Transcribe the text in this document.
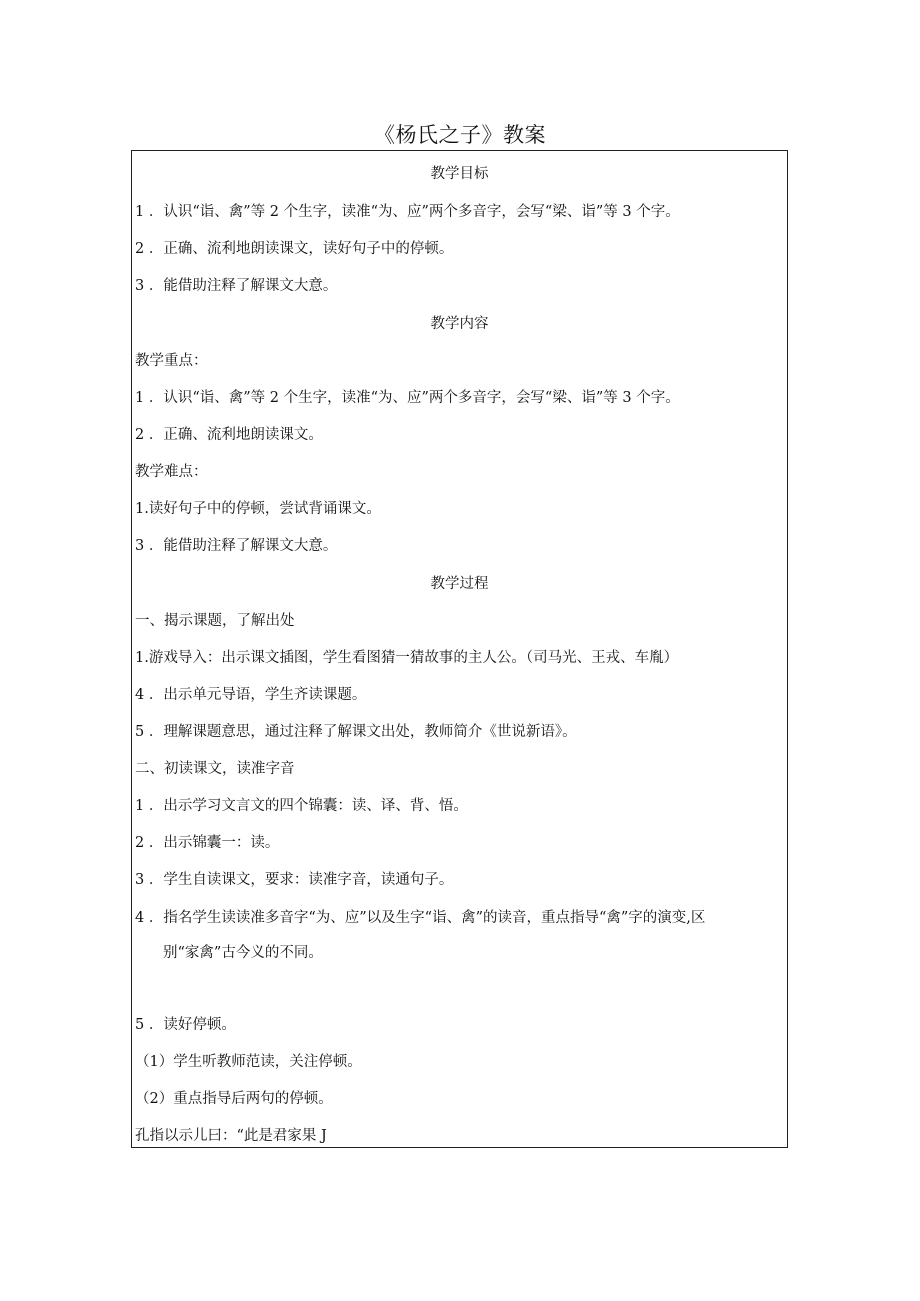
《杨氏之子》教案
教学目标
1 ．认识“诣、禽”等 2 个生字，读准“为、应”两个多音字，会写“梁、诣”等 3 个字。
2 ．正确、流利地朗读课文，读好句子中的停顿。
3 ．能借助注释了解课文大意。
教学内容
教学重点：
1 ．认识“诣、禽”等 2 个生字，读准“为、应”两个多音字，会写“梁、诣”等 3 个字。
2 ．正确、流利地朗读课文。
教学难点：
1.读好句子中的停顿，尝试背诵课文。
3 ．能借助注释了解课文大意。
教学过程
一、揭示课题，了解出处
1.游戏导入：出示课文插图，学生看图猜一猜故事的主人公。（司马光、王戎、车胤）
4 ．出示单元导语，学生齐读课题。
5 ．理解课题意思，通过注释了解课文出处，教师简介《世说新语》。
二、初读课文，读准字音
1 ．出示学习文言文的四个锦囊：读、译、背、悟。
2 ．出示锦囊一：读。
3 ．学生自读课文，要求：读准字音，读通句子。
4 ．指名学生读读准多音字“为、应”以及生字“诣、禽”的读音，重点指导“禽”字的演变,区
别“家禽”古今义的不同。
5 ．读好停顿。
（1）学生听教师范读，关注停顿。
（2）重点指导后两句的停顿。
孔指以示儿曰：“此是君家果 J
